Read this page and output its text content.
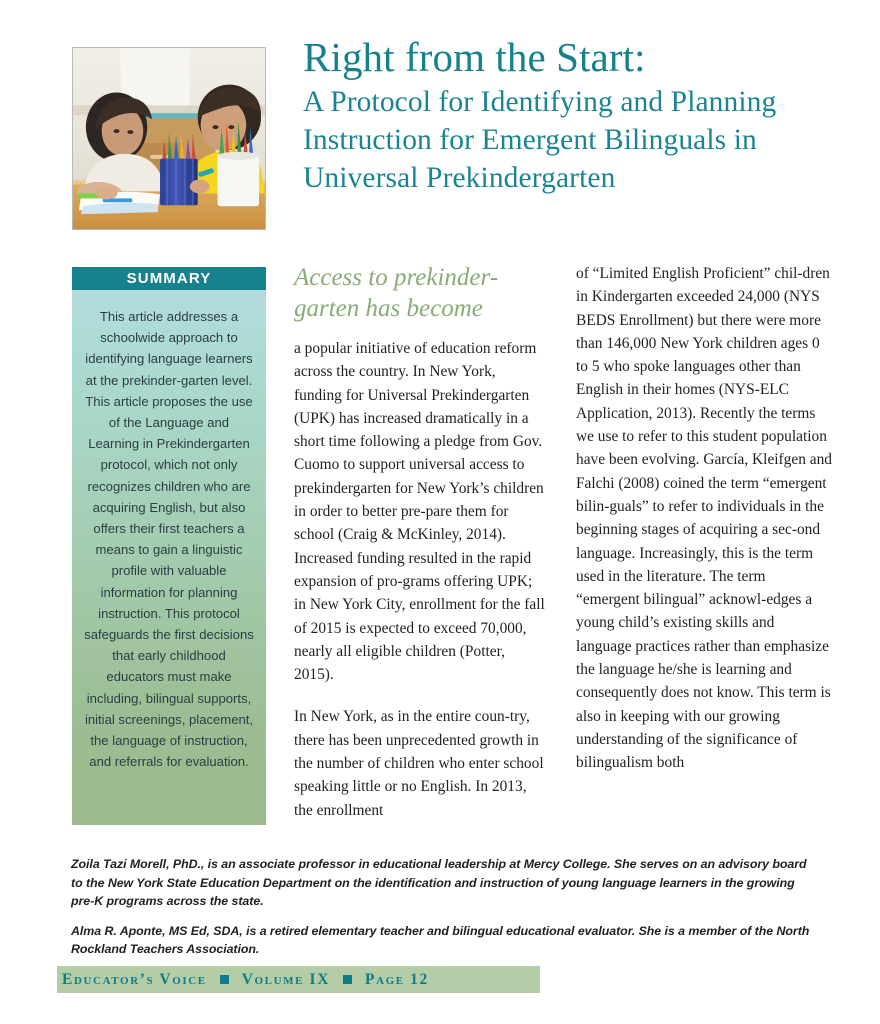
Right from the Start:
A Protocol for Identifying and Planning
Instruction for Emergent Bilinguals in
Universal Prekindergarten
SUMMARY

This article addresses a schoolwide approach to identifying language learners at the prekinder-garten level. This article proposes the use of the Language and Learning in Prekindergarten protocol, which not only recognizes children who are acquiring English, but also offers their first teachers a means to gain a linguistic profile with valuable information for planning instruction. This protocol safeguards the first decisions that early childhood educators must make including, bilingual supports, initial screenings, placement, the language of instruction, and referrals for evaluation.

Access to prekinder-
garten has become

a popular initiative of education reform across the country. In New York, funding for Universal Prekindergarten (UPK) has increased dramatically in a short time following a pledge from Gov. Cuomo to support universal access to prekindergarten for New York’s children in order to better pre-pare them for school (Craig & McKinley, 2014). Increased funding resulted in the rapid expansion of pro-grams offering UPK; in New York City, enrollment for the fall of 2015 is expected to exceed 70,000, nearly all eligible children (Potter, 2015).

In New York, as in the entire coun-try, there has been unprecedented growth in the number of children who enter school speaking little or no English. In 2013, the enrollment

of “Limited English Proficient” chil-dren in Kindergarten exceeded 24,000 (NYS BEDS Enrollment) but there were more than 146,000 New York children ages 0 to 5 who spoke languages other than English in their homes (NYS-ELC Application, 2013). Recently the terms we use to refer to this student population have been evolving. García, Kleifgen and Falchi (2008) coined the term “emergent bilin-guals” to refer to individuals in the beginning stages of acquiring a sec-ond language. Increasingly, this is the term used in the literature. The term “emergent bilingual” acknowl-edges a young child’s existing skills and language practices rather than emphasize the language he/she is learning and consequently does not know. This term is also in keeping with our growing understanding of the significance of bilingualism both

Zoila Tazi Morell, PhD., is an associate professor in educational leadership at Mercy College. She serves on an advisory board to the New York State Education Department on the identification and instruction of young language learners in the growing pre-K programs across the state.

Alma R. Aponte, MS Ed, SDA, is a retired elementary teacher and bilingual educational evaluator. She is a member of the North Rockland Teachers Association.

Educator’s Voice Volume IX Page 12
